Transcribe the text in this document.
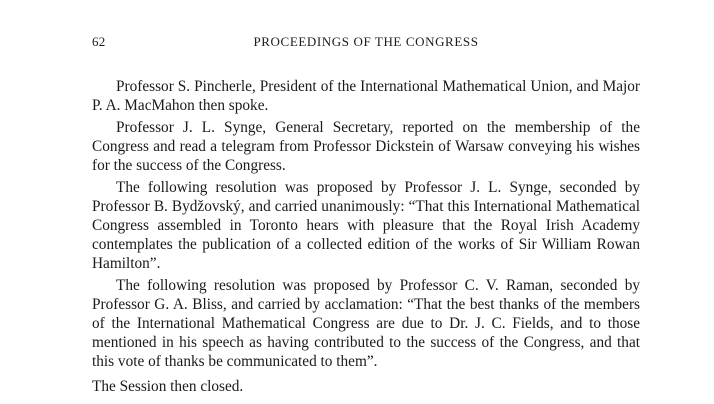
62	PROCEEDINGS OF THE CONGRESS

Professor S. Pincherle, President of the International Mathematical Union, and Major P. A. MacMahon then spoke.

Professor J. L. Synge, General Secretary, reported on the membership of the Congress and read a telegram from Professor Dickstein of Warsaw conveying his wishes for the success of the Congress.

The following resolution was proposed by Professor J. L. Synge, seconded by Professor B. Bydžovský, and carried unanimously: “That this International Mathematical Congress assembled in Toronto hears with pleasure that the Royal Irish Academy contemplates the publication of a collected edition of the works of Sir William Rowan Hamilton”.

The following resolution was proposed by Professor C. V. Raman, seconded by Professor G. A. Bliss, and carried by acclamation: “That the best thanks of the members of the International Mathematical Congress are due to Dr. J. C. Fields, and to those mentioned in his speech as having contributed to the success of the Congress, and that this vote of thanks be communicated to them”.

The Session then closed.
